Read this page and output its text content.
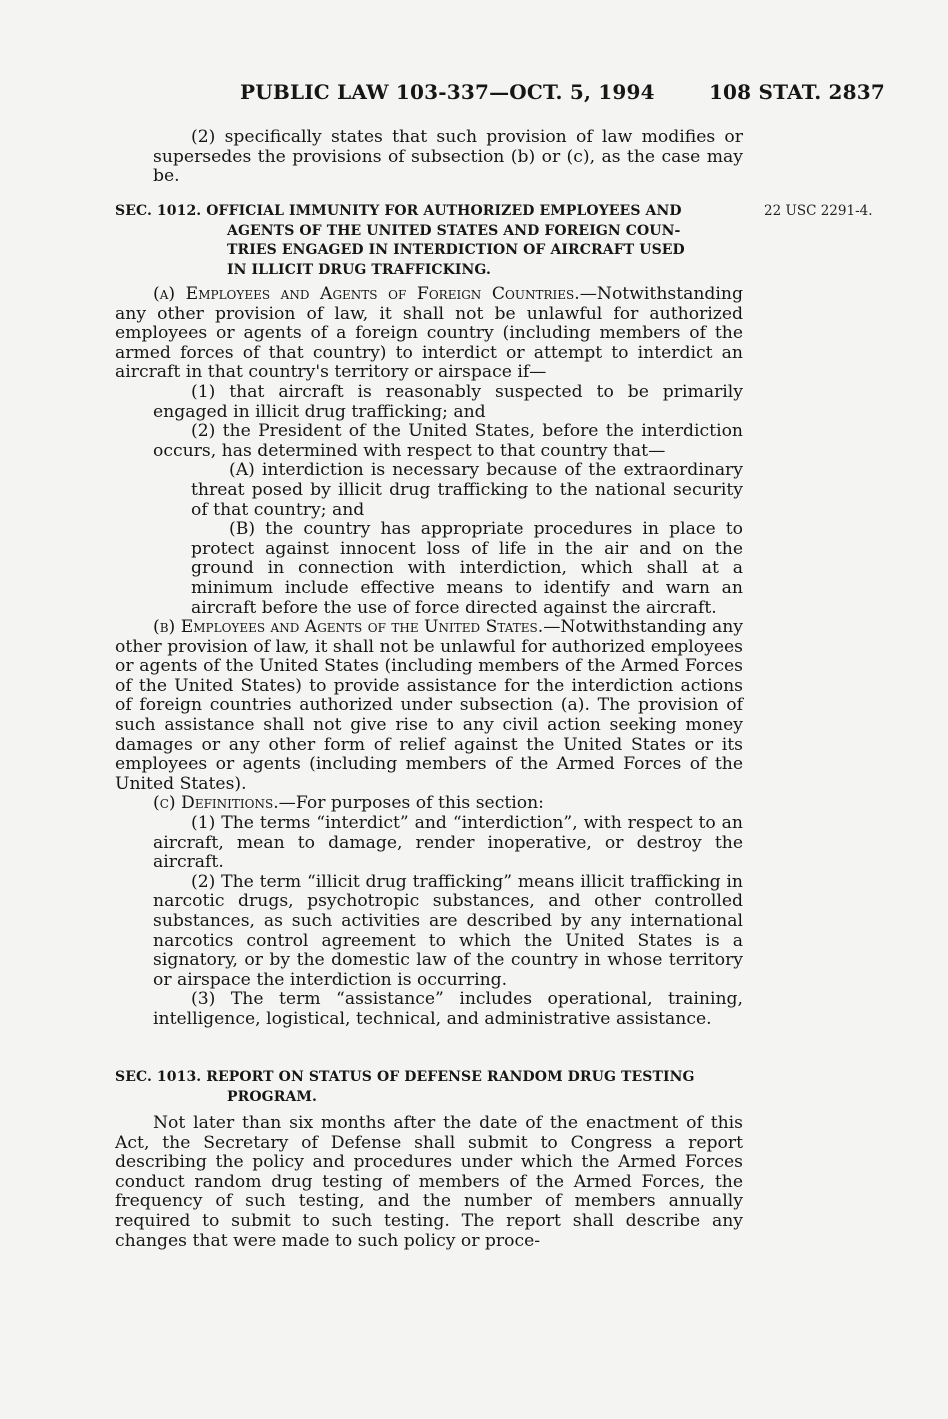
PUBLIC LAW 103-337—OCT. 5, 1994	108 STAT. 2837

(2) specifically states that such provision of law modifies or supersedes the provisions of subsection (b) or (c), as the case may be.

SEC. 1012. OFFICIAL IMMUNITY FOR AUTHORIZED EMPLOYEES AND
AGENTS OF THE UNITED STATES AND FOREIGN COUN-
TRIES ENGAGED IN INTERDICTION OF AIRCRAFT USED
IN ILLICIT DRUG TRAFFICKING.
22 USC 2291-4.

(a) Employees and Agents of Foreign Countries.—Notwithstanding any other provision of law, it shall not be unlawful for authorized employees or agents of a foreign country (including members of the armed forces of that country) to interdict or attempt to interdict an aircraft in that country's territory or airspace if—

(1) that aircraft is reasonably suspected to be primarily engaged in illicit drug trafficking; and

(2) the President of the United States, before the interdiction occurs, has determined with respect to that country that—

(A) interdiction is necessary because of the extraordinary threat posed by illicit drug trafficking to the national security of that country; and

(B) the country has appropriate procedures in place to protect against innocent loss of life in the air and on the ground in connection with interdiction, which shall at a minimum include effective means to identify and warn an aircraft before the use of force directed against the aircraft.

(b) Employees and Agents of the United States.—Notwithstanding any other provision of law, it shall not be unlawful for authorized employees or agents of the United States (including members of the Armed Forces of the United States) to provide assistance for the interdiction actions of foreign countries authorized under subsection (a). The provision of such assistance shall not give rise to any civil action seeking money damages or any other form of relief against the United States or its employees or agents (including members of the Armed Forces of the United States).

(c) Definitions.—For purposes of this section:

(1) The terms “interdict” and “interdiction”, with respect to an aircraft, mean to damage, render inoperative, or destroy the aircraft.

(2) The term “illicit drug trafficking” means illicit trafficking in narcotic drugs, psychotropic substances, and other controlled substances, as such activities are described by any international narcotics control agreement to which the United States is a signatory, or by the domestic law of the country in whose territory or airspace the interdiction is occurring.

(3) The term “assistance” includes operational, training, intelligence, logistical, technical, and administrative assistance.

SEC. 1013. REPORT ON STATUS OF DEFENSE RANDOM DRUG TESTING
PROGRAM.

Not later than six months after the date of the enactment of this Act, the Secretary of Defense shall submit to Congress a report describing the policy and procedures under which the Armed Forces conduct random drug testing of members of the Armed Forces, the frequency of such testing, and the number of members annually required to submit to such testing. The report shall describe any changes that were made to such policy or proce-
